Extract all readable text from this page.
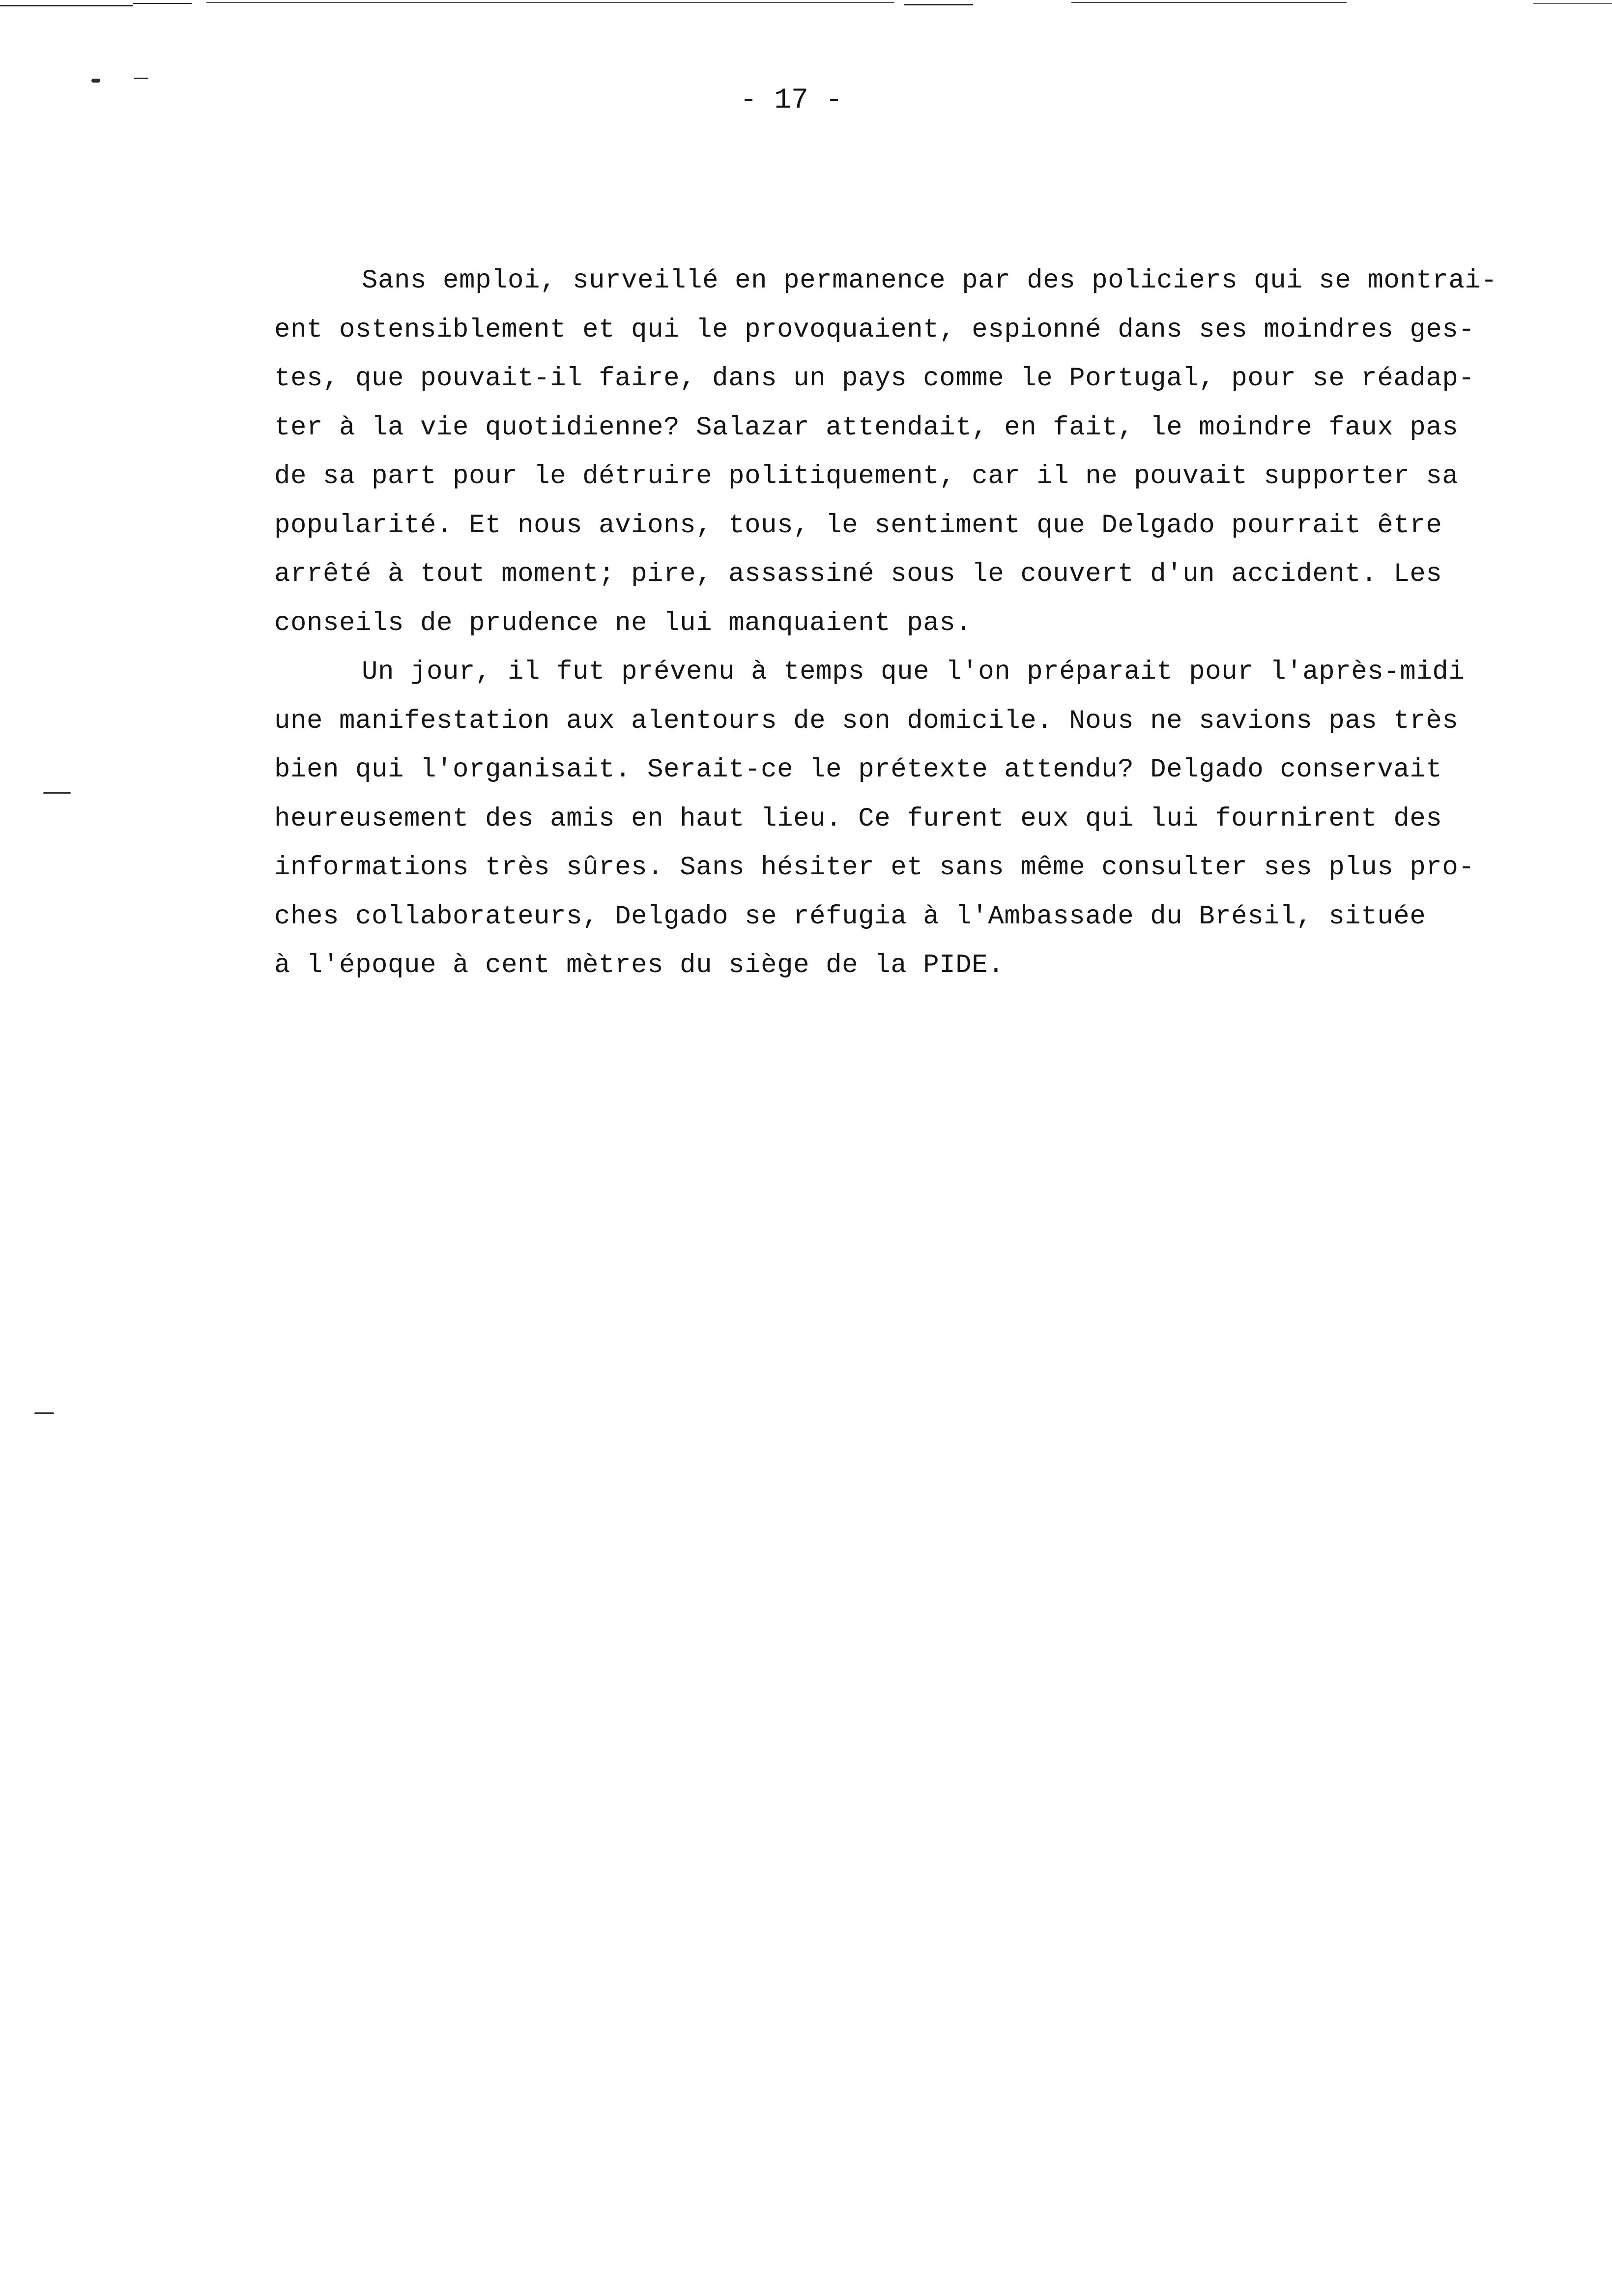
- 17 -
Sans emploi, surveillé en permanence par des policiers qui se montrai-
ent ostensiblement et qui le provoquaient, espionné dans ses moindres ges-
tes, que pouvait-il faire, dans un pays comme le Portugal, pour se réadap-
ter à la vie quotidienne? Salazar attendait, en fait, le moindre faux pas
de sa part pour le détruire politiquement, car il ne pouvait supporter sa
popularité. Et nous avions, tous, le sentiment que Delgado pourrait être
arrêté à tout moment; pire, assassiné sous le couvert d'un accident. Les
conseils de prudence ne lui manquaient pas.
Un jour, il fut prévenu à temps que l'on préparait pour l'après-midi
une manifestation aux alentours de son domicile. Nous ne savions pas très
bien qui l'organisait. Serait-ce le prétexte attendu? Delgado conservait
heureusement des amis en haut lieu. Ce furent eux qui lui fournirent des
informations très sûres. Sans hésiter et sans même consulter ses plus pro-
ches collaborateurs, Delgado se réfugia à l'Ambassade du Brésil, située
à l'époque à cent mètres du siège de la PIDE.
